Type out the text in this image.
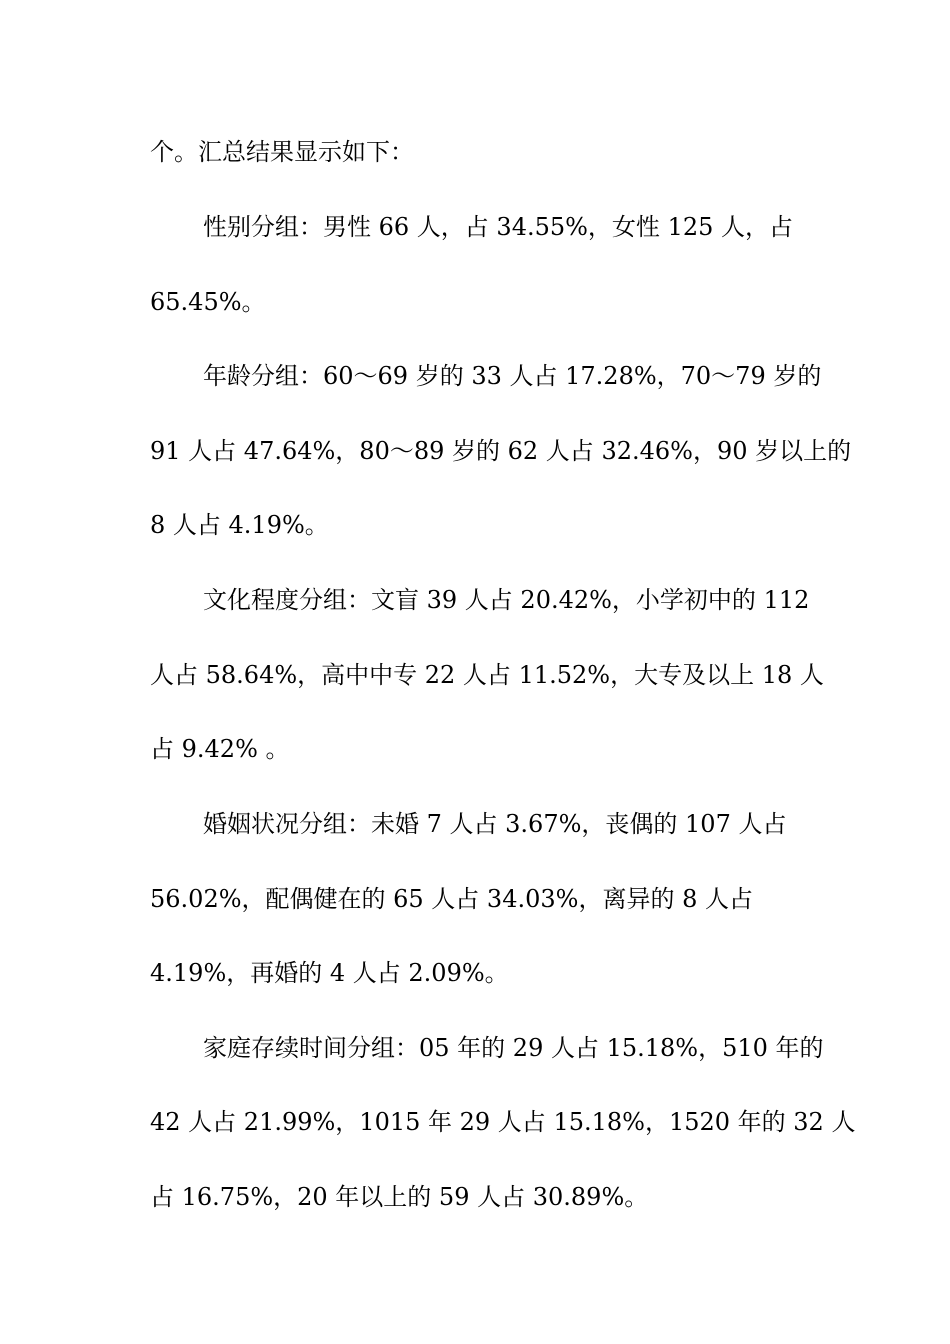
个。汇总结果显示如下：
性别分组：男性 66 人，占 34.55%，女性 125 人，占
65.45%。
年龄分组：60～69 岁的 33 人占 17.28%，70～79 岁的
91 人占 47.64%，80～89 岁的 62 人占 32.46%，90 岁以上的
8 人占 4.19%。
文化程度分组：文盲 39 人占 20.42%，小学初中的 112
人占 58.64%，高中中专 22 人占 11.52%，大专及以上 18 人
占 9.42% 。
婚姻状况分组：未婚 7 人占 3.67%，丧偶的 107 人占
56.02%，配偶健在的 65 人占 34.03%，离异的 8 人占
4.19%，再婚的 4 人占 2.09%。
家庭存续时间分组：05 年的 29 人占 15.18%，510 年的
42 人占 21.99%，1015 年 29 人占 15.18%，1520 年的 32 人
占 16.75%，20 年以上的 59 人占 30.89%。
